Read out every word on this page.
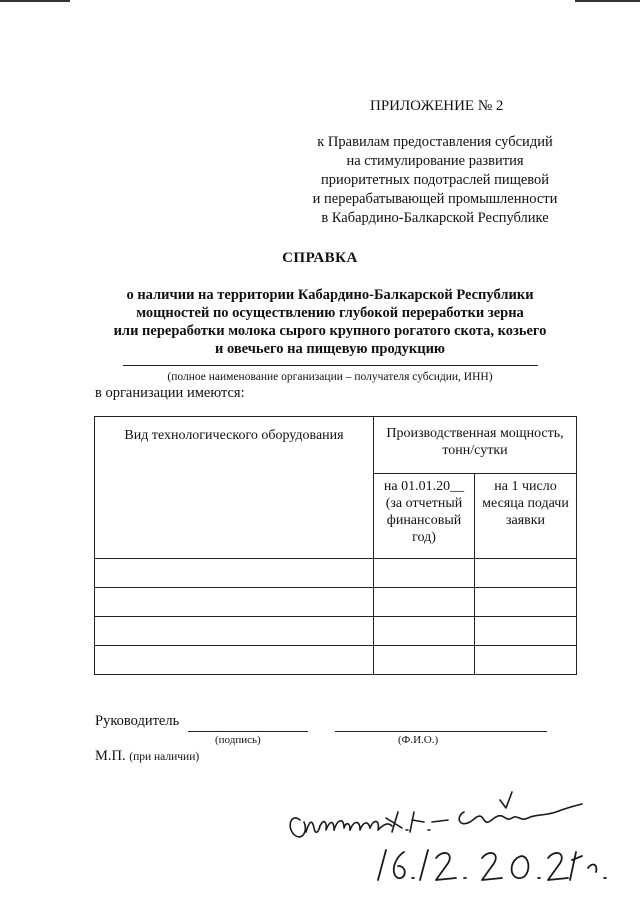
ПРИЛОЖЕНИЕ № 2
к Правилам предоставления субсидий
на стимулирование развития
приоритетных подотраслей пищевой
и перерабатывающей промышленности
в Кабардино-Балкарской Республике
СПРАВКА
о наличии на территории Кабардино-Балкарской Республики
мощностей по осуществлению глубокой переработки зерна
или переработки молока сырого крупного рогатого скота, козьего
и овечьего на пищевую продукцию
(полное наименование организации – получателя субсидии, ИНН)
в организации имеются:
Вид технологического оборудования	Производственная мощность, тонн/сутки	
	на 01.01.20__ (за отчетный финансовый год)	на 1 число месяца подачи заявки

Руководитель
(подпись)	(Ф.И.О.)
М.П. (при наличии)
